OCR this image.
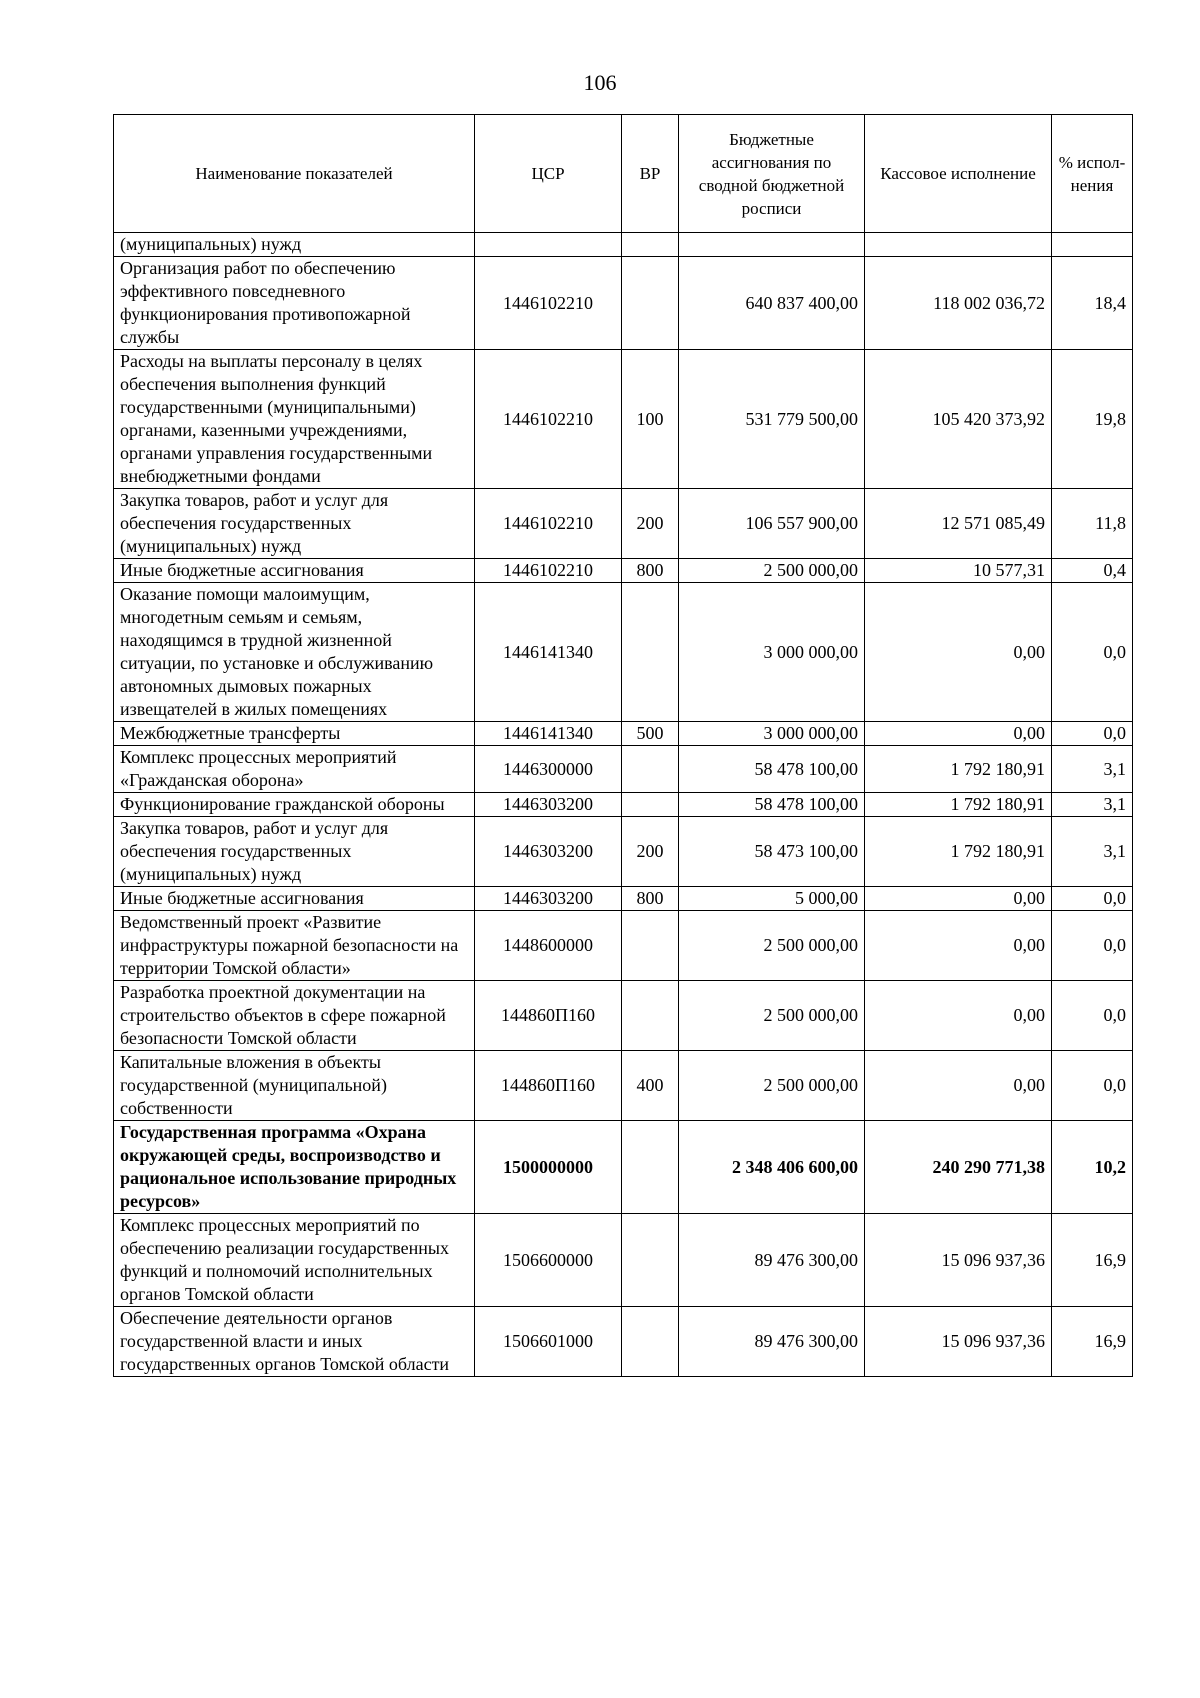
106
Наименование показателей	ЦСР	ВР	Бюджетные ассигнования по сводной бюджетной росписи	Кассовое исполнение	% испол-нения
(муниципальных) нужд					
Организация работ по обеспечению эффективного повседневного функционирования противопожарной службы	1446102210		640 837 400,00	118 002 036,72	18,4
Расходы на выплаты персоналу в целях обеспечения выполнения функций государственными (муниципальными) органами, казенными учреждениями, органами управления государственными внебюджетными фондами	1446102210	100	531 779 500,00	105 420 373,92	19,8
Закупка товаров, работ и услуг для обеспечения государственных (муниципальных) нужд	1446102210	200	106 557 900,00	12 571 085,49	11,8
Иные бюджетные ассигнования	1446102210	800	2 500 000,00	10 577,31	0,4
Оказание помощи малоимущим, многодетным семьям и семьям, находящимся в трудной жизненной ситуации, по установке и обслуживанию автономных дымовых пожарных извещателей в жилых помещениях	1446141340		3 000 000,00	0,00	0,0
Межбюджетные трансферты	1446141340	500	3 000 000,00	0,00	0,0
Комплекс процессных мероприятий «Гражданская оборона»	1446300000		58 478 100,00	1 792 180,91	3,1
Функционирование гражданской обороны	1446303200		58 478 100,00	1 792 180,91	3,1
Закупка товаров, работ и услуг для обеспечения государственных (муниципальных) нужд	1446303200	200	58 473 100,00	1 792 180,91	3,1
Иные бюджетные ассигнования	1446303200	800	5 000,00	0,00	0,0
Ведомственный проект «Развитие инфраструктуры пожарной безопасности на территории Томской области»	1448600000		2 500 000,00	0,00	0,0
Разработка проектной документации на строительство объектов в сфере пожарной безопасности Томской области	144860П160		2 500 000,00	0,00	0,0
Капитальные вложения в объекты государственной (муниципальной) собственности	144860П160	400	2 500 000,00	0,00	0,0
Государственная программа «Охрана окружающей среды, воспроизводство и рациональное использование природных ресурсов»	1500000000		2 348 406 600,00	240 290 771,38	10,2
Комплекс процессных мероприятий по обеспечению реализации государственных функций и полномочий исполнительных органов Томской области	1506600000		89 476 300,00	15 096 937,36	16,9
Обеспечение деятельности органов государственной власти и иных государственных органов Томской области	1506601000		89 476 300,00	15 096 937,36	16,9
